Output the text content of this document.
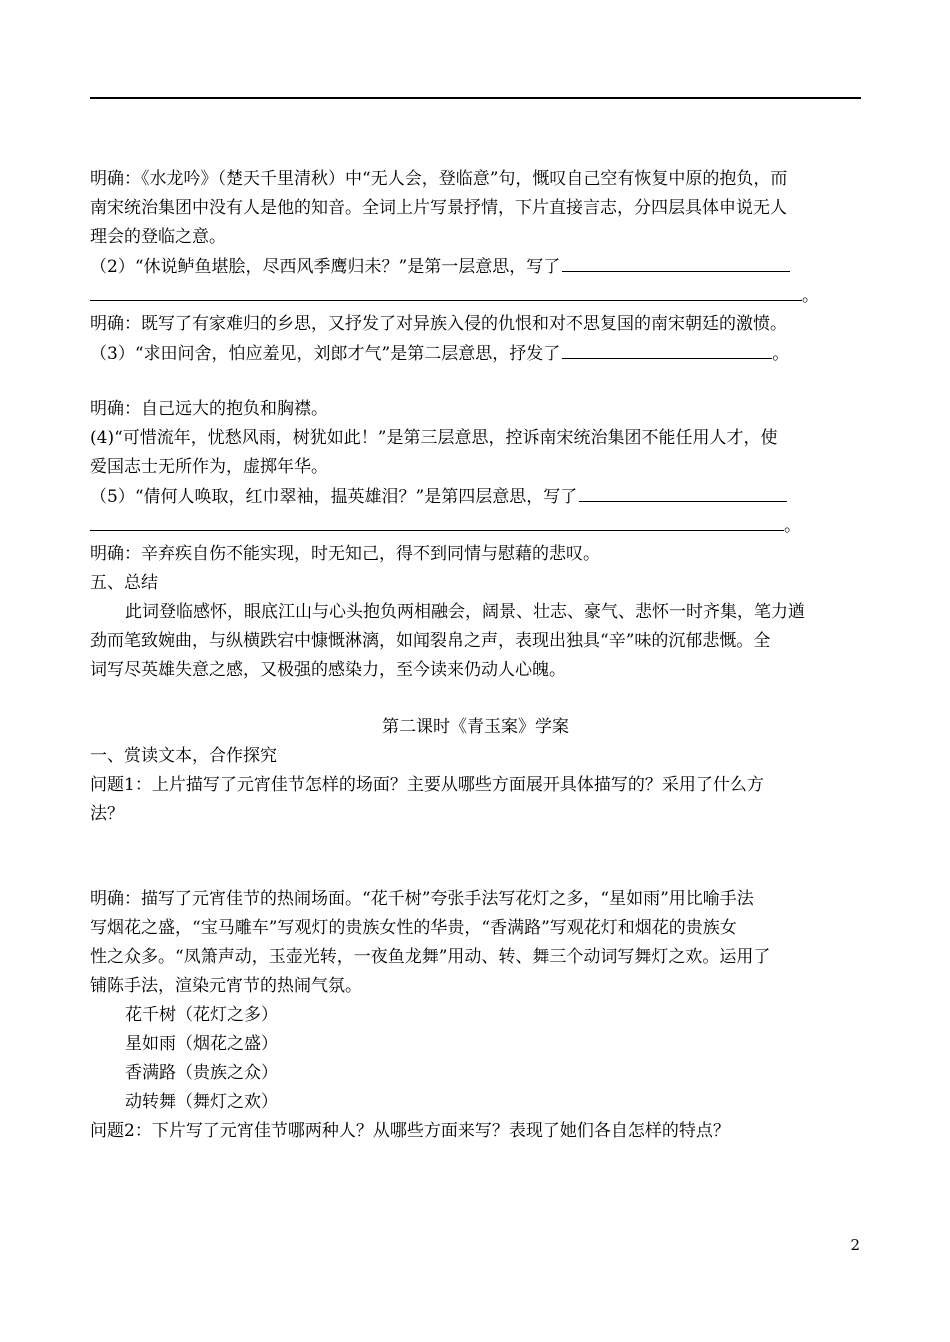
明确：《水龙吟》（楚天千里清秋）中“无人会，登临意”句，慨叹自己空有恢复中原的抱负，而
南宋统治集团中没有人是他的知音。全词上片写景抒情，下片直接言志，分四层具体申说无人
理会的登临之意。
（2）“休说鲈鱼堪脍，尽西风季鹰归未？”是第一层意思，写了
。
明确：既写了有家难归的乡思，又抒发了对异族入侵的仇恨和对不思复国的南宋朝廷的激愤。
（3）“求田问舍，怕应羞见，刘郎才气”是第二层意思，抒发了	。
明确：自己远大的抱负和胸襟。
(4)“可惜流年，忧愁风雨，树犹如此！”是第三层意思，控诉南宋统治集团不能任用人才，使
爱国志士无所作为，虚掷年华。
（5）“倩何人唤取，红巾翠袖，揾英雄泪？”是第四层意思，写了
。
明确：辛弃疾自伤不能实现，时无知己，得不到同情与慰藉的悲叹。
五、总结
此词登临感怀，眼底江山与心头抱负两相融会，阔景、壮志、豪气、悲怀一时齐集，笔力遒
劲而笔致婉曲，与纵横跌宕中慷慨淋漓，如闻裂帛之声，表现出独具“辛”味的沉郁悲慨。全
词写尽英雄失意之感，又极强的感染力，至今读来仍动人心魄。
第二课时《青玉案》学案
一、赏读文本，合作探究
问题1：上片描写了元宵佳节怎样的场面？主要从哪些方面展开具体描写的？采用了什么方
法？
明确：描写了元宵佳节的热闹场面。“花千树”夸张手法写花灯之多，“星如雨”用比喻手法
写烟花之盛，“宝马雕车”写观灯的贵族女性的华贵，“香满路”写观花灯和烟花的贵族女
性之众多。“凤箫声动，玉壶光转，一夜鱼龙舞”用动、转、舞三个动词写舞灯之欢。运用了
铺陈手法，渲染元宵节的热闹气氛。
花千树（花灯之多）
星如雨（烟花之盛）
香满路（贵族之众）
动转舞（舞灯之欢）
问题2：下片写了元宵佳节哪两种人？从哪些方面来写？表现了她们各自怎样的特点？
2
